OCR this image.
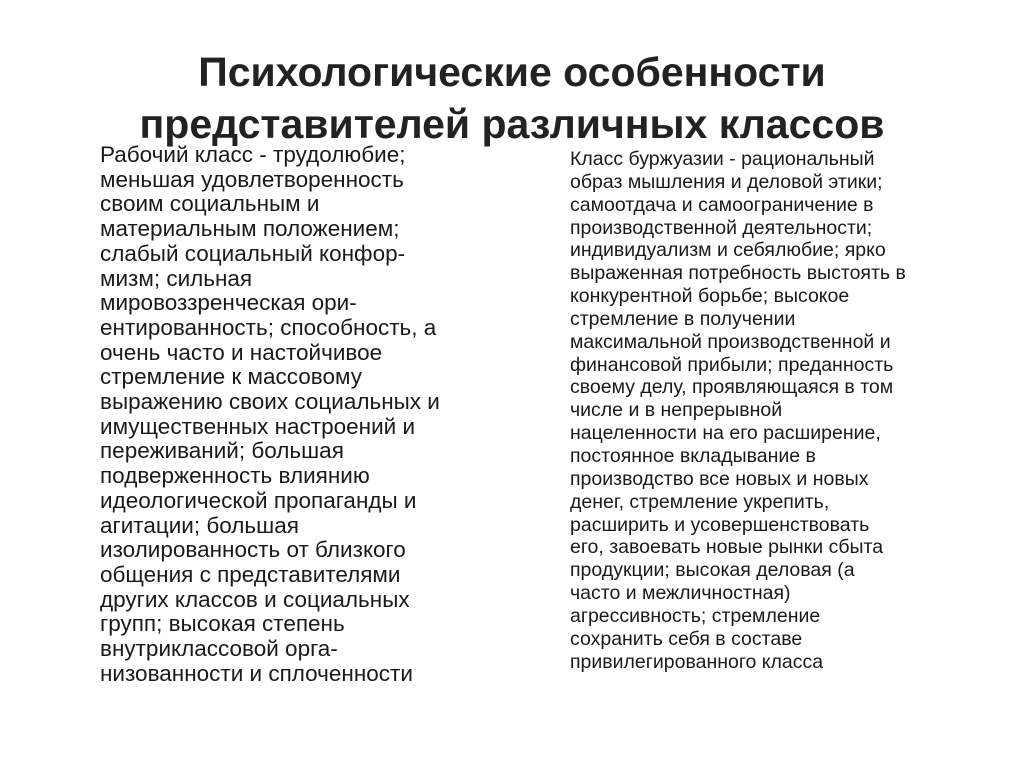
Психологические особенности
представителей различных классов
Рабочий класс - трудолюбие;
меньшая удовлетворенность
своим социальным и
материальным положением;
слабый социальный конфор-
мизм; сильная
мировоззренческая ори-
ентированность; способность, а
очень часто и настойчивое
стремление к массовому
выражению своих социальных и
имущественных настроений и
переживаний; большая
подверженность влиянию
идеологической пропаганды и
агитации; большая
изолированность от близкого
общения с представителями
других классов и социальных
групп; высокая степень
внутриклассовой орга-
низованности и сплоченности
Класс буржуазии - рациональный
образ мышления и деловой этики;
самоотдача и самоограничение в
производственной деятельности;
индивидуализм и себялюбие; ярко
выраженная потребность выстоять в
конкурентной борьбе; высокое
стремление в получении
максимальной производственной и
финансовой прибыли; преданность
своему делу, проявляющаяся в том
числе и в непрерывной
нацеленности на его расширение,
постоянное вкладывание в
производство все новых и новых
денег, стремление укрепить,
расширить и усовершенствовать
его, завоевать новые рынки сбыта
продукции; высокая деловая (а
часто и межличностная)
агрессивность; стремление
сохранить себя в составе
привилегированного класса
